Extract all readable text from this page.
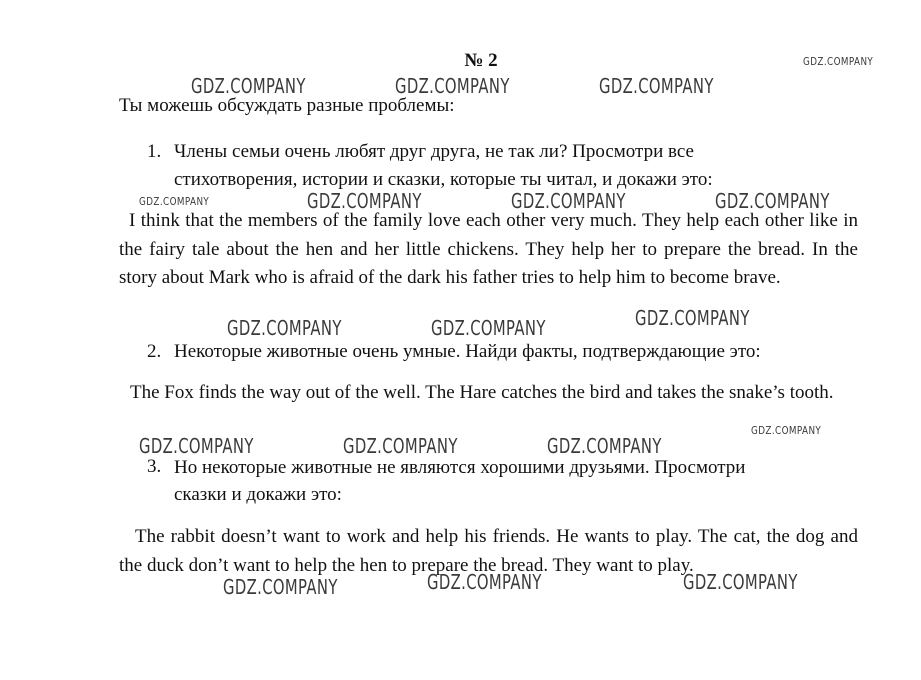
№ 2
Ты можешь обсуждать разные проблемы:
1. Члены семьи очень любят друг друга, не так ли? Просмотри все
стихотворения, истории и сказки, которые ты читал, и докажи это:
I think that the members of the family love each other very much. They help each other like in the fairy tale about the hen and her little chickens. They help her to prepare the bread. In the story about Mark who is afraid of the dark his father tries to help him to become brave.
2. Некоторые животные очень умные. Найди факты, подтверждающие это:
The Fox finds the way out of the well. The Hare catches the bird and takes the snake’s tooth.
3. Но некоторые животные не являются хорошими друзьями. Просмотри
сказки и докажи это:
The rabbit doesn’t want to work and help his friends. He wants to play. The cat, the dog and the duck don’t want to help the hen to prepare the bread. They want to play.
GDZ.COMPANY
GDZ.COMPANY	GDZ.COMPANY	GDZ.COMPANY
GDZ.COMPANY	GDZ.COMPANY	GDZ.COMPANY	GDZ.COMPANY
GDZ.COMPANY	GDZ.COMPANY	GDZ.COMPANY
GDZ.COMPANY	GDZ.COMPANY	GDZ.COMPANY
GDZ.COMPANY
GDZ.COMPANY	GDZ.COMPANY	GDZ.COMPANY
